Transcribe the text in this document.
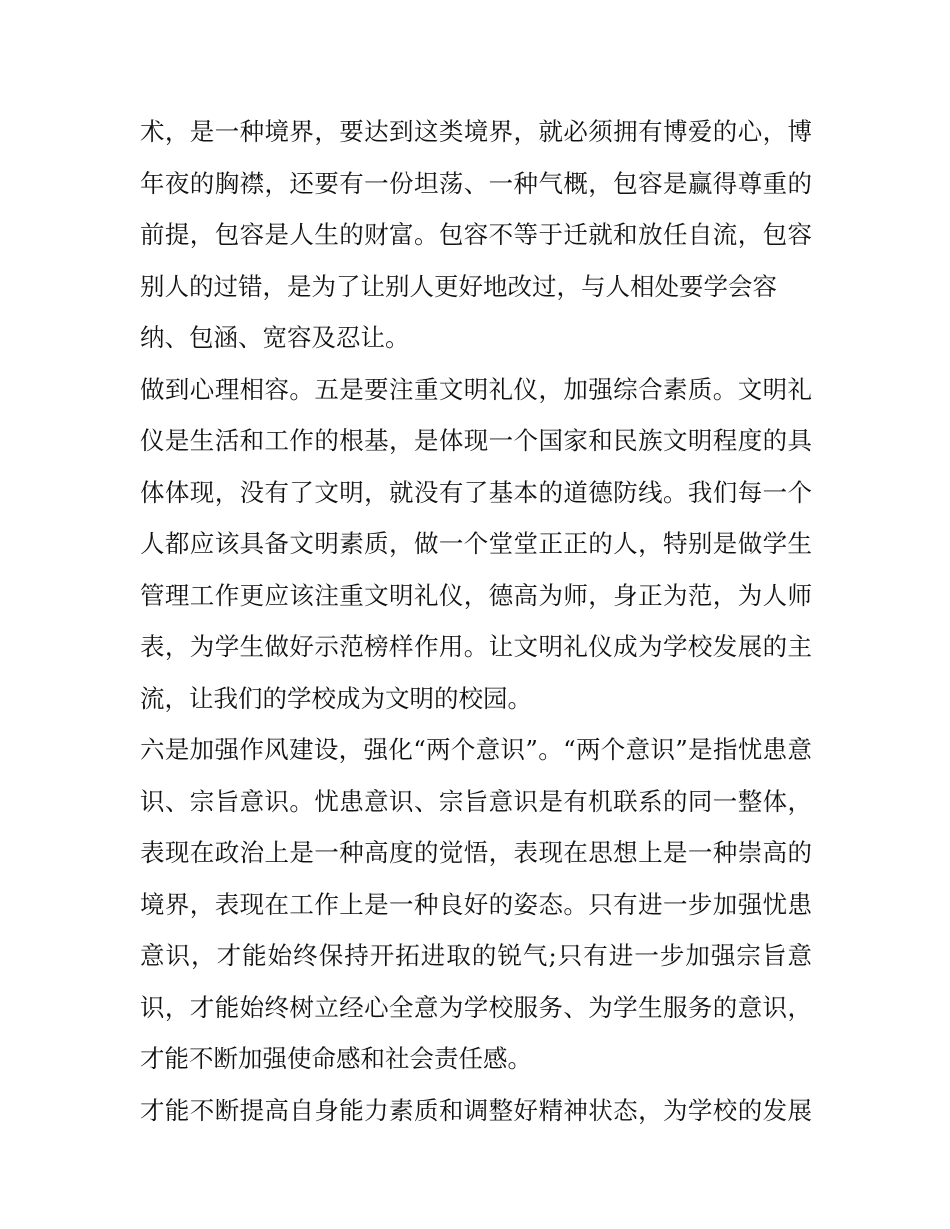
术，是一种境界，要达到这类境界，就必须拥有博爱的心，博
年夜的胸襟，还要有一份坦荡、一种气概，包容是赢得尊重的
前提，包容是人生的财富。包容不等于迁就和放任自流，包容
别人的过错，是为了让别人更好地改过，与人相处要学会容
纳、包涵、宽容及忍让。
做到心理相容。五是要注重文明礼仪，加强综合素质。文明礼
仪是生活和工作的根基，是体现一个国家和民族文明程度的具
体体现，没有了文明，就没有了基本的道德防线。我们每一个
人都应该具备文明素质，做一个堂堂正正的人，特别是做学生
管理工作更应该注重文明礼仪，德高为师，身正为范，为人师
表，为学生做好示范榜样作用。让文明礼仪成为学校发展的主
流，让我们的学校成为文明的校园。
六是加强作风建设，强化“两个意识”。“两个意识”是指忧患意
识、宗旨意识。忧患意识、宗旨意识是有机联系的同一整体，
表现在政治上是一种高度的觉悟，表现在思想上是一种崇高的
境界，表现在工作上是一种良好的姿态。只有进一步加强忧患
意识，才能始终保持开拓进取的锐气;只有进一步加强宗旨意
识，才能始终树立经心全意为学校服务、为学生服务的意识，
才能不断加强使命感和社会责任感。
才能不断提高自身能力素质和调整好精神状态，为学校的发展
